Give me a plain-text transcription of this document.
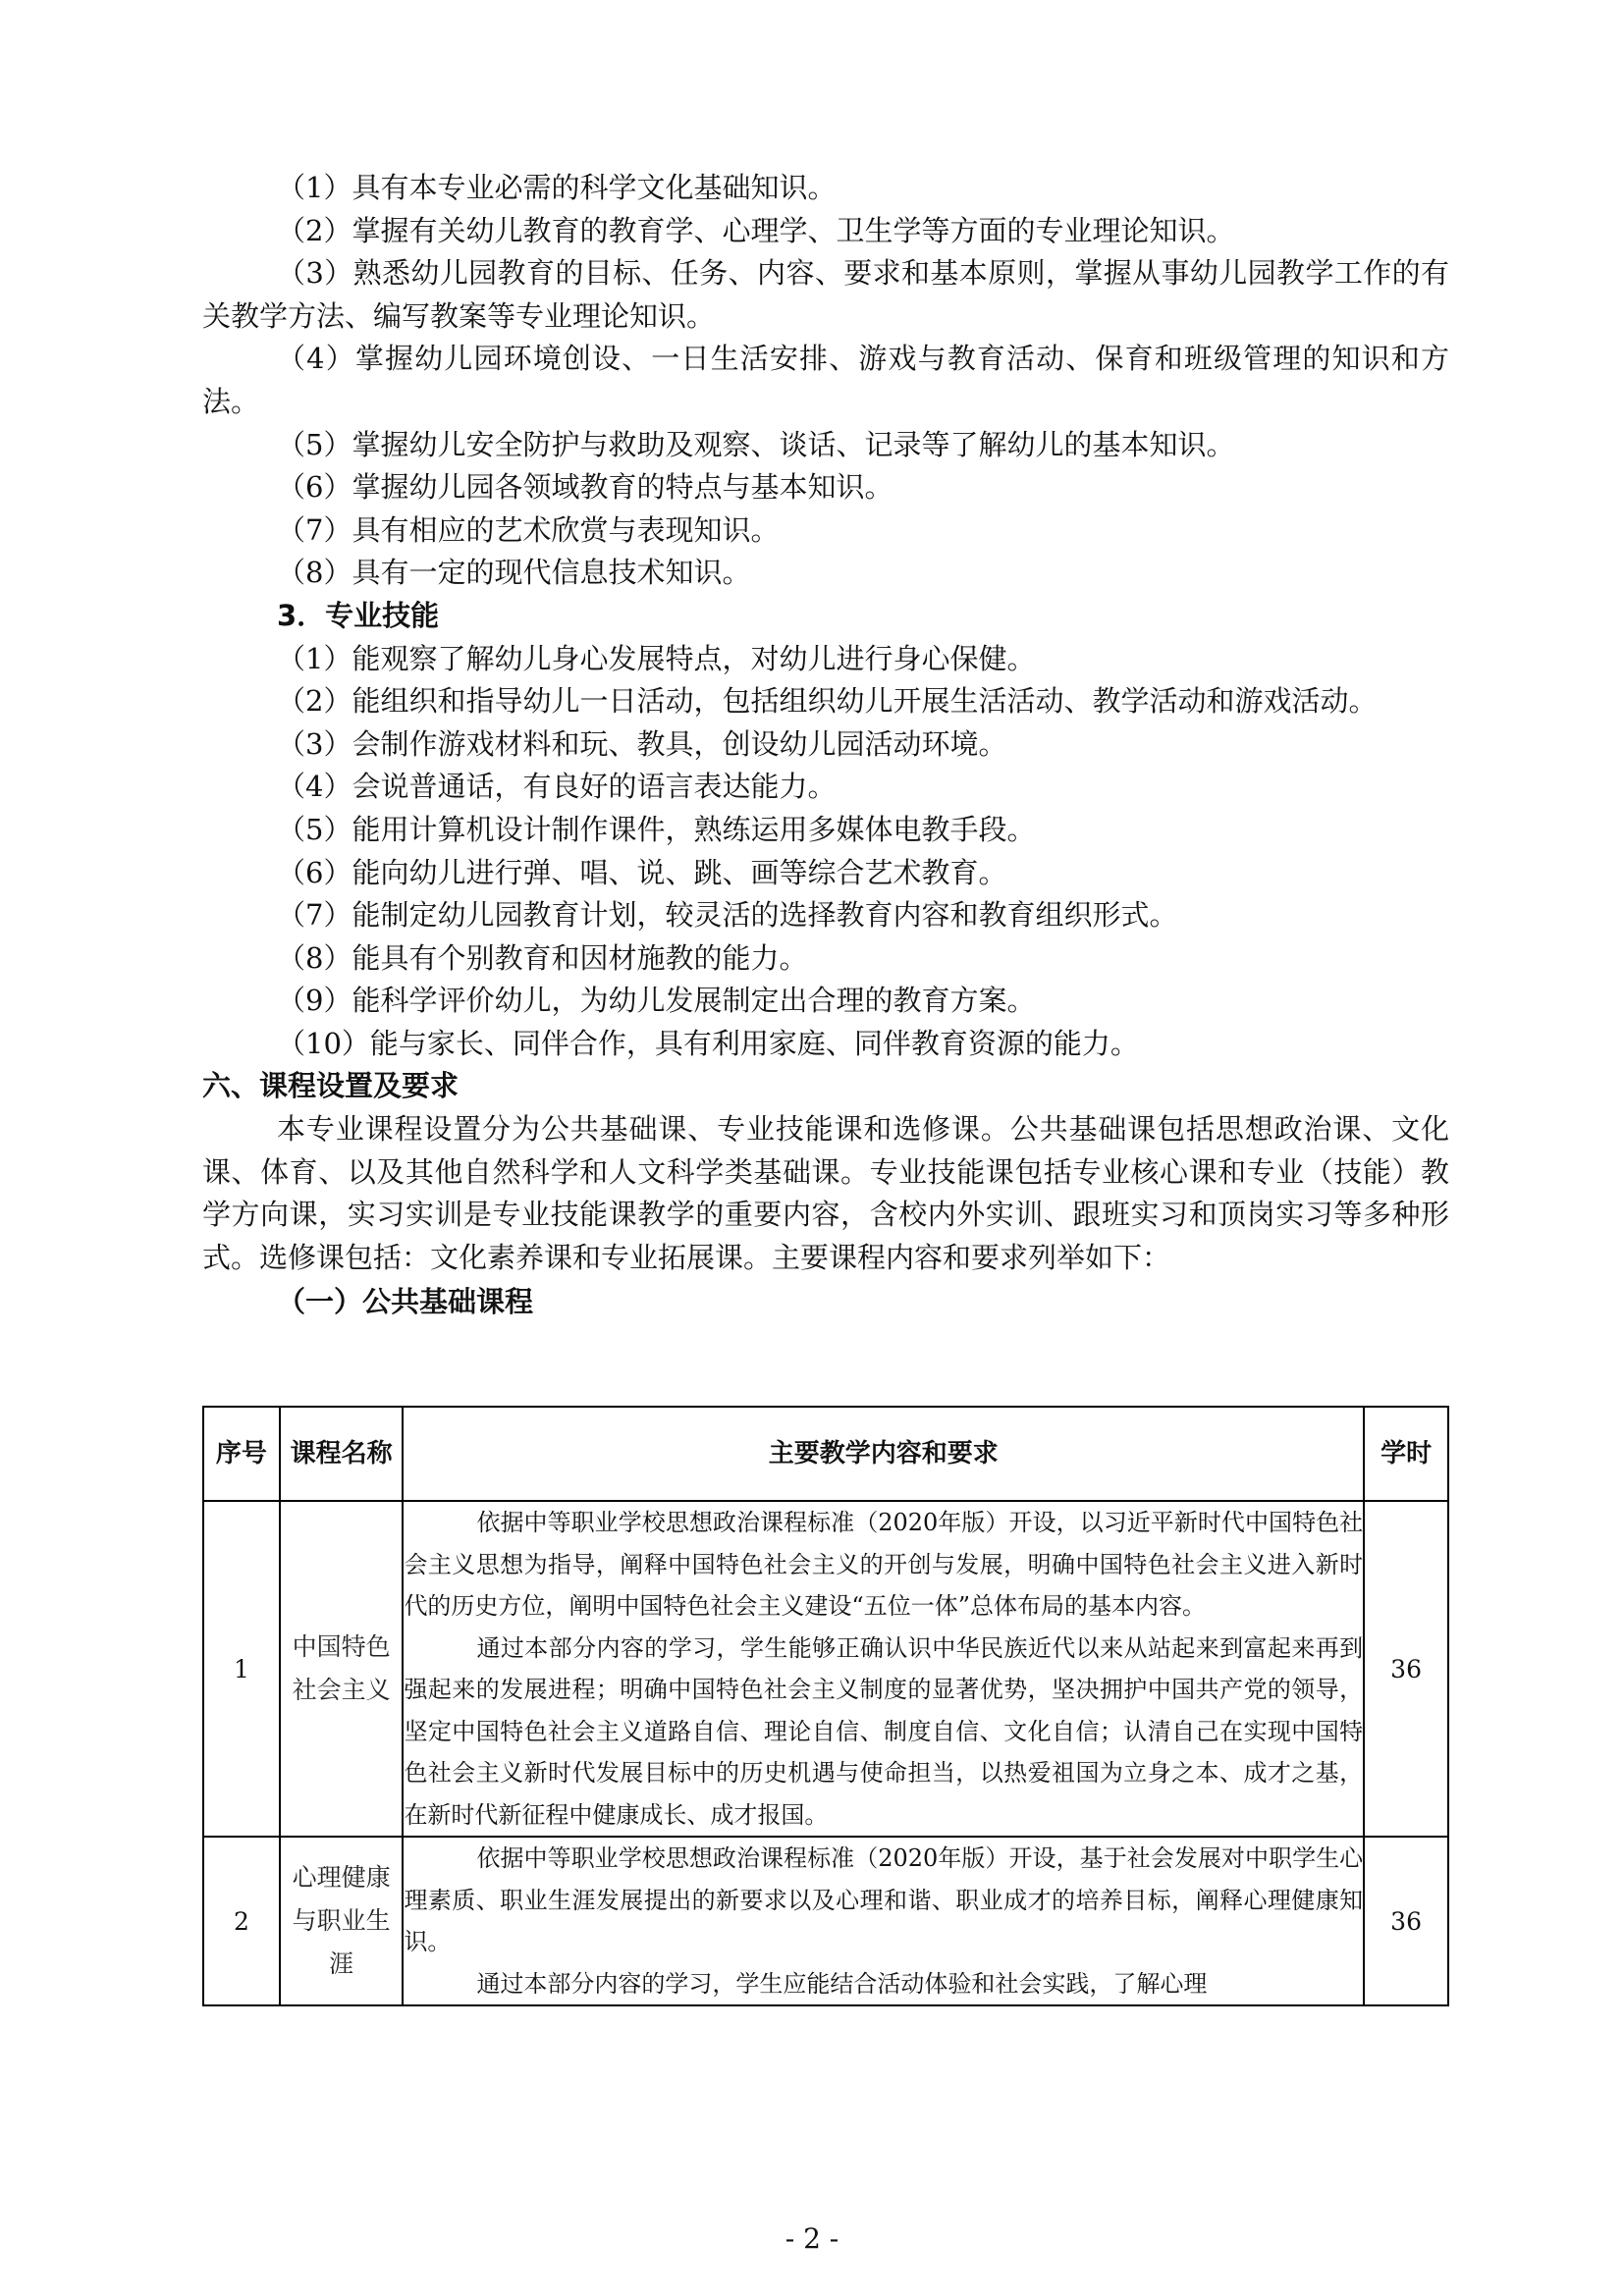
（1）具有本专业必需的科学文化基础知识。

（2）掌握有关幼儿教育的教育学、心理学、卫生学等方面的专业理论知识。

（3）熟悉幼儿园教育的目标、任务、内容、要求和基本原则，掌握从事幼儿园教学工作的有关教学方法、编写教案等专业理论知识。

（4）掌握幼儿园环境创设、一日生活安排、游戏与教育活动、保育和班级管理的知识和方法。

（5）掌握幼儿安全防护与救助及观察、谈话、记录等了解幼儿的基本知识。

（6）掌握幼儿园各领域教育的特点与基本知识。

（7）具有相应的艺术欣赏与表现知识。

（8）具有一定的现代信息技术知识。

3．专业技能

（1）能观察了解幼儿身心发展特点，对幼儿进行身心保健。

（2）能组织和指导幼儿一日活动，包括组织幼儿开展生活活动、教学活动和游戏活动。

（3）会制作游戏材料和玩、教具，创设幼儿园活动环境。

（4）会说普通话，有良好的语言表达能力。

（5）能用计算机设计制作课件，熟练运用多媒体电教手段。

（6）能向幼儿进行弹、唱、说、跳、画等综合艺术教育。

（7）能制定幼儿园教育计划，较灵活的选择教育内容和教育组织形式。

（8）能具有个别教育和因材施教的能力。

（9）能科学评价幼儿，为幼儿发展制定出合理的教育方案。

（10）能与家长、同伴合作，具有利用家庭、同伴教育资源的能力。

六、课程设置及要求

本专业课程设置分为公共基础课、专业技能课和选修课。公共基础课包括思想政治课、文化课、体育、以及其他自然科学和人文科学类基础课。专业技能课包括专业核心课和专业（技能）教学方向课，实习实训是专业技能课教学的重要内容，含校内外实训、跟班实习和顶岗实习等多种形式。选修课包括：文化素养课和专业拓展课。主要课程内容和要求列举如下：

（一）公共基础课程

序号	课程名称	主要教学内容和要求	学时
1	中国特色社会主义	依据中等职业学校思想政治课程标准（2020年版）开设，以习近平新时代中国特色社会主义思想为指导，阐释中国特色社会主义的开创与发展，明确中国特色社会主义进入新时代的历史方位，阐明中国特色社会主义建设“五位一体”总体布局的基本内容。

通过本部分内容的学习，学生能够正确认识中华民族近代以来从站起来到富起来再到强起来的发展进程；明确中国特色社会主义制度的显著优势，坚决拥护中国共产党的领导，坚定中国特色社会主义道路自信、理论自信、制度自信、文化自信；认清自己在实现中国特色社会主义新时代发展目标中的历史机遇与使命担当，以热爱祖国为立身之本、成才之基，在新时代新征程中健康成长、成才报国。	36
2	心理健康与职业生涯	依据中等职业学校思想政治课程标准（2020年版）开设，基于社会发展对中职学生心理素质、职业生涯发展提出的新要求以及心理和谐、职业成才的培养目标，阐释心理健康知识。

通过本部分内容的学习，学生应能结合活动体验和社会实践，了解心理	36
- 2 -
